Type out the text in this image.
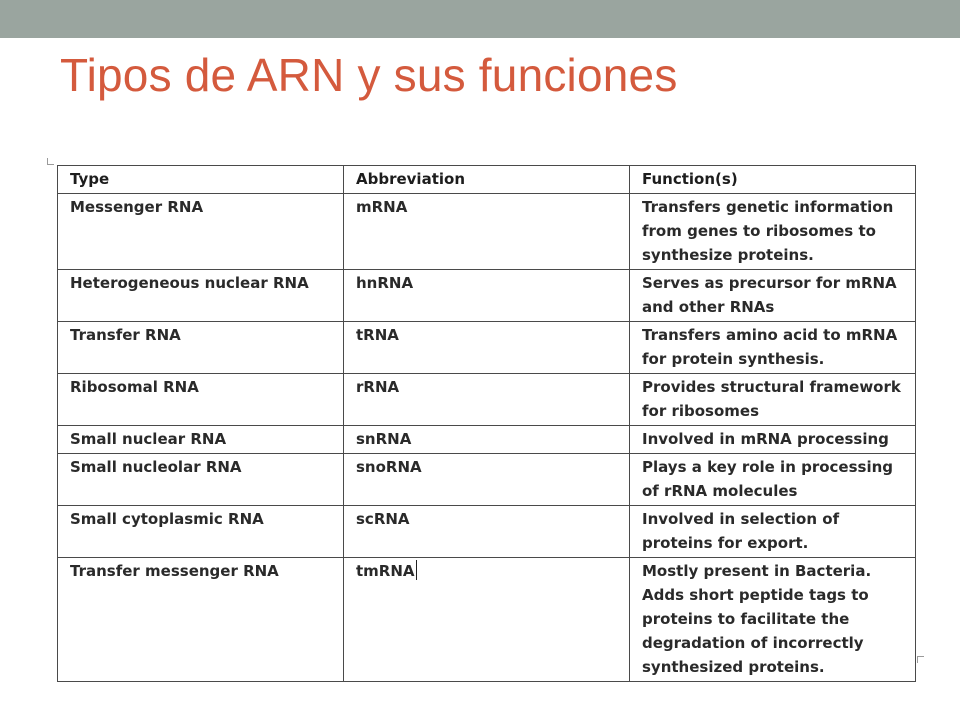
Tipos de ARN y sus funciones
Type	Abbreviation	Function(s)
Messenger RNA	mRNA	Transfers genetic information
from genes to ribosomes to
synthesize proteins.
Heterogeneous nuclear RNA	hnRNA	Serves as precursor for mRNA
and other RNAs
Transfer RNA	tRNA	Transfers amino acid to mRNA
for protein synthesis.
Ribosomal RNA	rRNA	Provides structural framework
for ribosomes
Small nuclear RNA	snRNA	Involved in mRNA processing
Small nucleolar RNA	snoRNA	Plays a key role in processing
of rRNA molecules
Small cytoplasmic RNA	scRNA	Involved in selection of
proteins for export.
Transfer messenger RNA	tmRNA	Mostly present in Bacteria.
Adds short peptide tags to
proteins to facilitate the
degradation of incorrectly
synthesized proteins.
